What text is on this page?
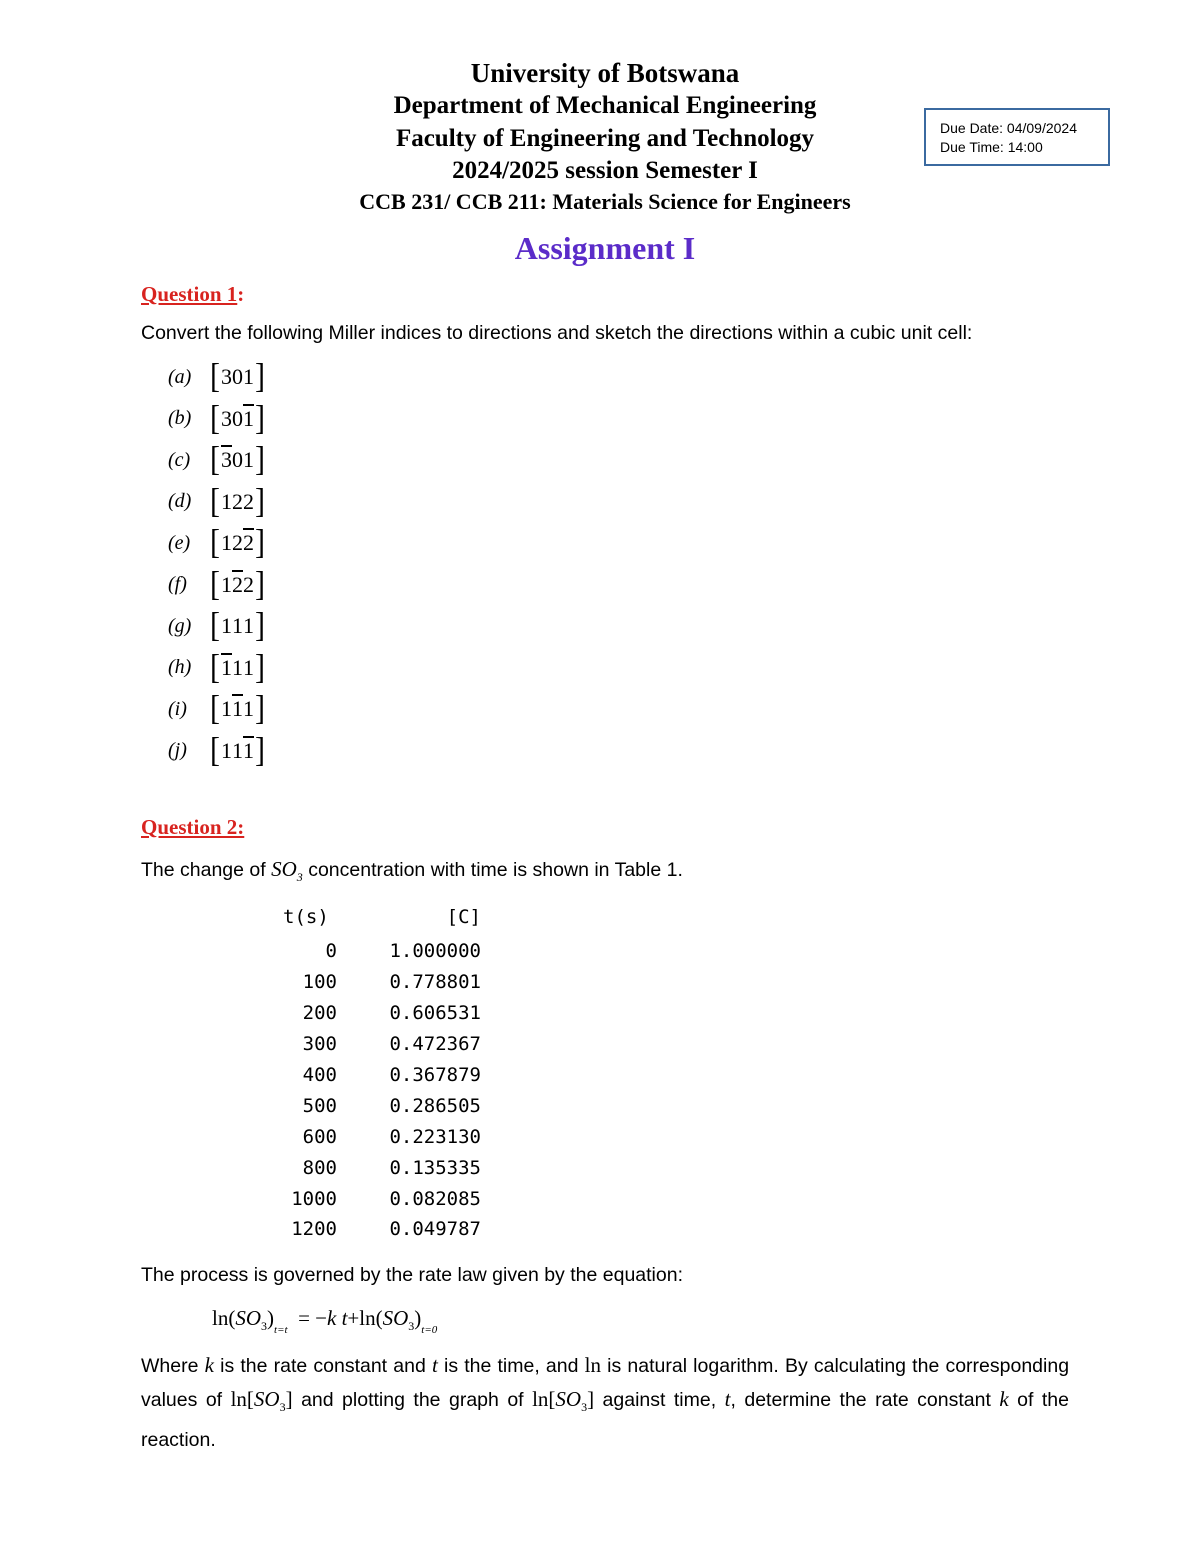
University of Botswana
Department of Mechanical Engineering
Faculty of Engineering and Technology
2024/2025 session Semester I
CCB 231/ CCB 211: Materials Science for Engineers
Assignment I
Due Date: 04/09/2024
Due Time: 14:00
Question 1:
Convert the following Miller indices to directions and sketch the directions within a cubic unit cell:
(a) [ 3 0 1 ]
(b) [ 3 0 1 ]
(c) [ 3 0 1 ]
(d) [ 1 2 2 ]
(e) [ 1 2 2 ]
(f) [ 1 2 2 ]
(g) [ 1 1 1 ]
(h) [ 1 1 1 ]
(i) [ 1 1 1 ]
(j) [ 1 1 1 ]
Question 2:
The change of $SO_3$ concentration with time is shown in Table 1.
t(s)	[C]
0	1.000000
100	0.778801
200	0.606531
300	0.472367
400	0.367879
500	0.286505
600	0.223130
800	0.135335
1000	0.082085
1200	0.049787
The process is governed by the rate law given by the equation:
$\ln(SO_3)_{t=t} = -k$ $t+\ln(SO_3)_{t=0}$
Where k is the rate constant and t is the time, and ln is natural logarithm. By calculating the corresponding values of $\ln[SO_3]$ and plotting the graph of $\ln[SO_3]$ against time, t, determine the rate constant k of the reaction.
